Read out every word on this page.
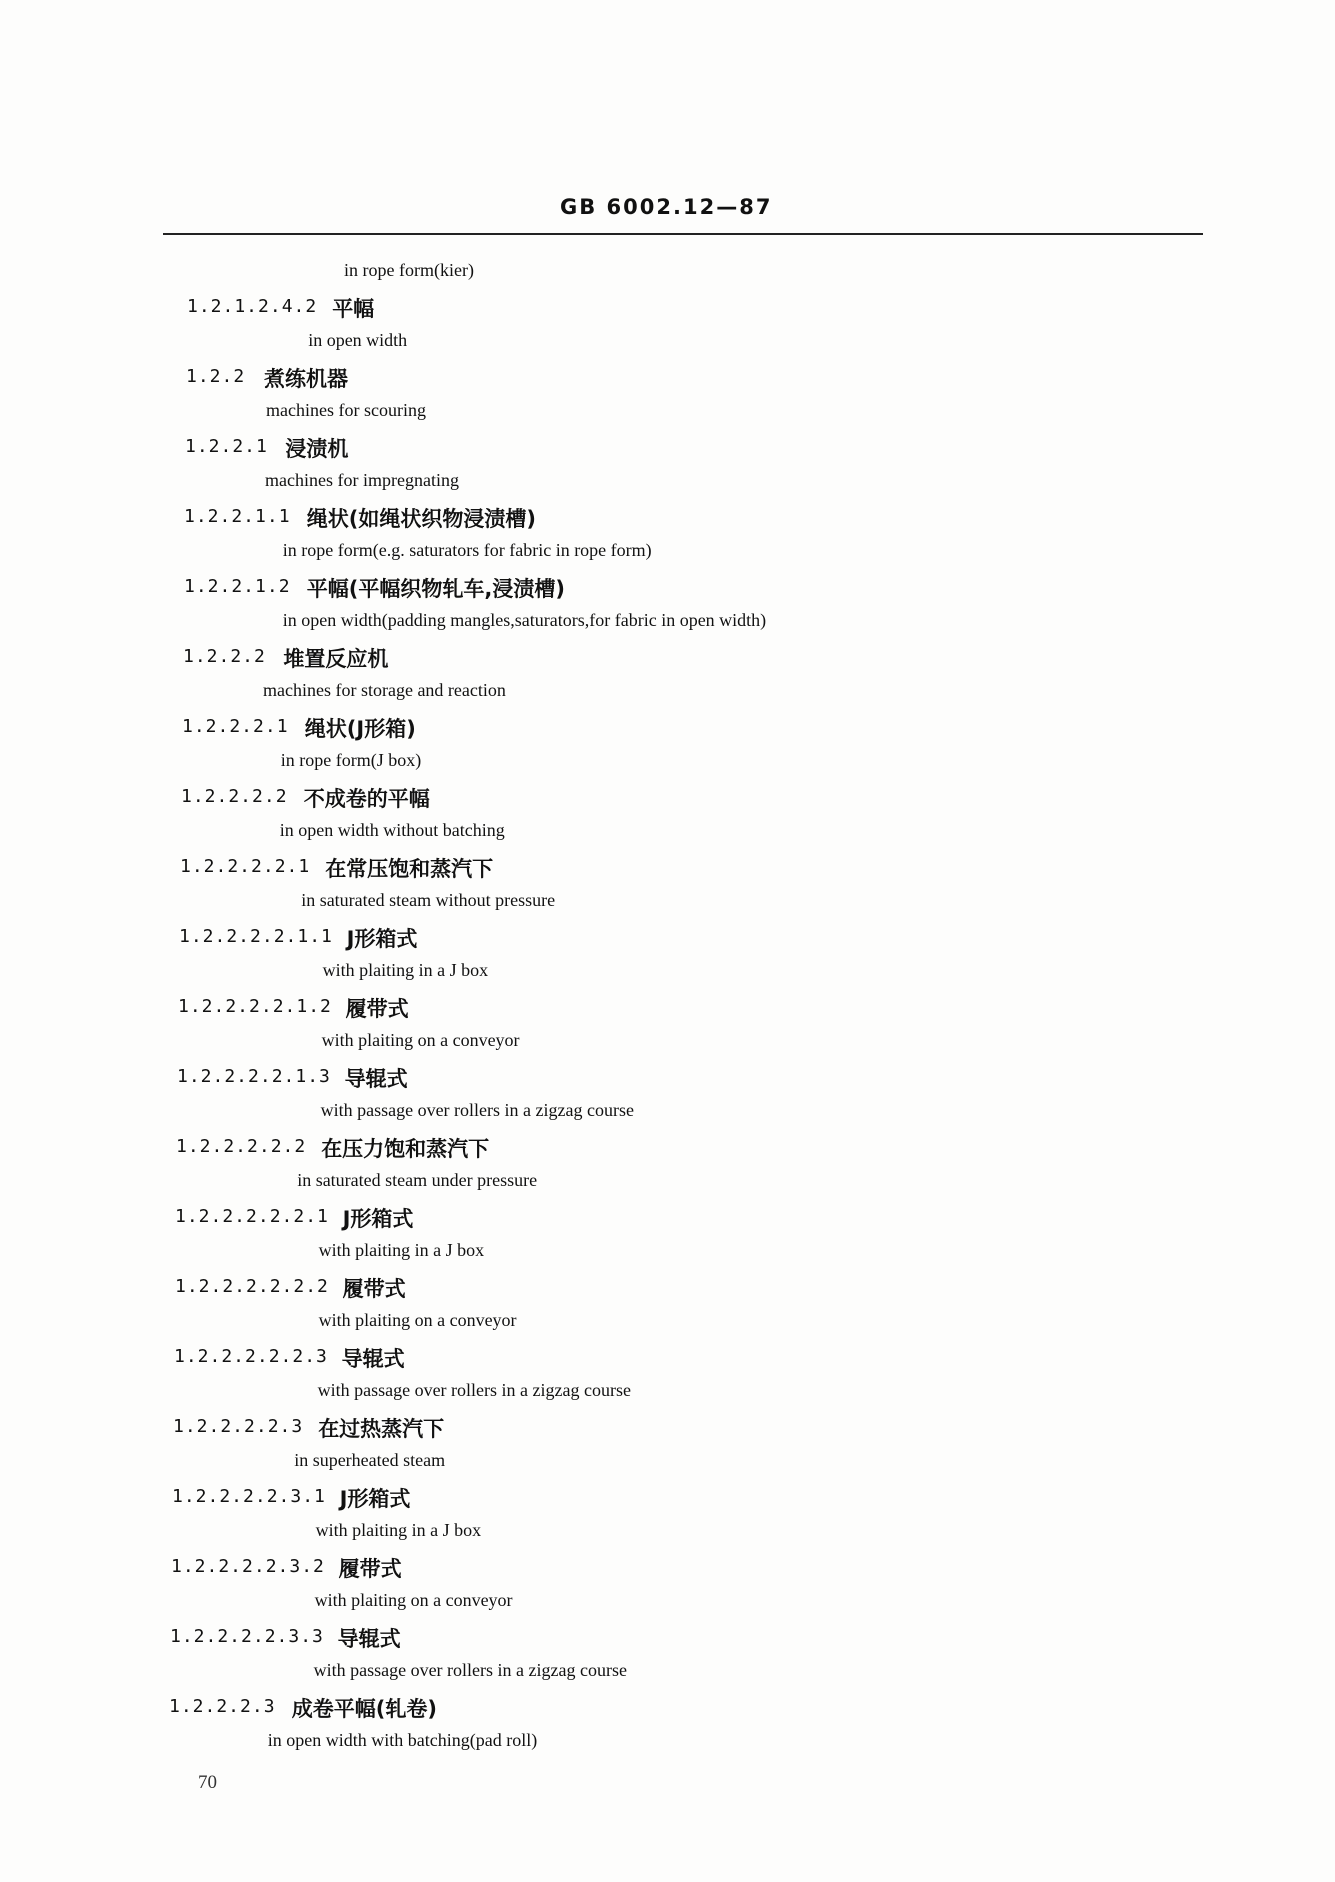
GB 6002.12—87
in rope form(kier)
1.2.1.2.4.2 平幅
in open width
1.2.2 煮练机器
machines for scouring
1.2.2.1 浸渍机
machines for impregnating
1.2.2.1.1 绳状(如绳状织物浸渍槽)
in rope form(e.g. saturators for fabric in rope form)
1.2.2.1.2 平幅(平幅织物轧车,浸渍槽)
in open width(padding mangles,saturators,for fabric in open width)
1.2.2.2 堆置反应机
machines for storage and reaction
1.2.2.2.1 绳状(J形箱)
in rope form(J box)
1.2.2.2.2 不成卷的平幅
in open width without batching
1.2.2.2.2.1 在常压饱和蒸汽下
in saturated steam without pressure
1.2.2.2.2.1.1 J形箱式
with plaiting in a J box
1.2.2.2.2.1.2 履带式
with plaiting on a conveyor
1.2.2.2.2.1.3 导辊式
with passage over rollers in a zigzag course
1.2.2.2.2.2 在压力饱和蒸汽下
in saturated steam under pressure
1.2.2.2.2.2.1 J形箱式
with plaiting in a J box
1.2.2.2.2.2.2 履带式
with plaiting on a conveyor
1.2.2.2.2.2.3 导辊式
with passage over rollers in a zigzag course
1.2.2.2.2.3 在过热蒸汽下
in superheated steam
1.2.2.2.2.3.1 J形箱式
with plaiting in a J box
1.2.2.2.2.3.2 履带式
with plaiting on a conveyor
1.2.2.2.2.3.3 导辊式
with passage over rollers in a zigzag course
1.2.2.2.3 成卷平幅(轧卷)
in open width with batching(pad roll)
70
